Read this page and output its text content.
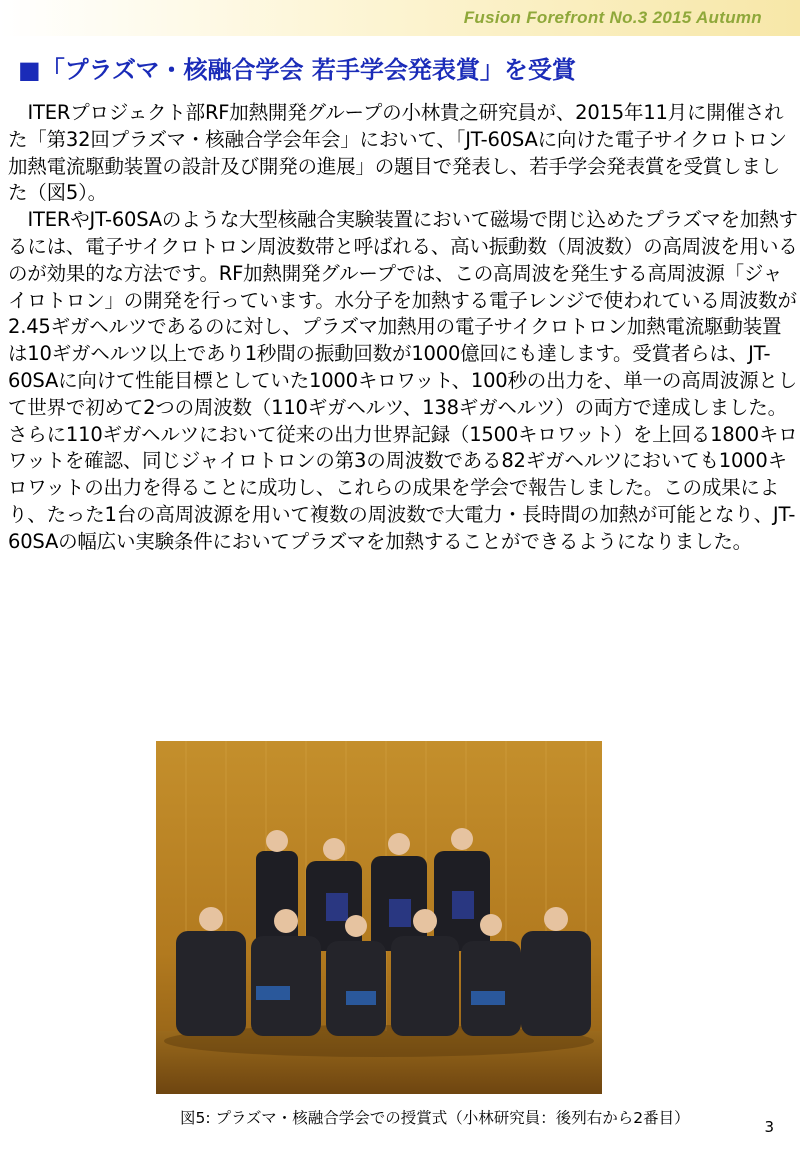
Fusion Forefront No.3 2015 Autumn
■「プラズマ・核融合学会 若手学会発表賞」を受賞

ITERプロジェクト部RF加熱開発グループの小林貴之研究員が、2015年11月に開催された「第32回プラズマ・核融合学会年会」において、「JT-60SAに向けた電子サイクロトロン加熱電流駆動装置の設計及び開発の進展」の題目で発表し、若手学会発表賞を受賞しました（図5）。

ITERやJT-60SAのような大型核融合実験装置において磁場で閉じ込めたプラズマを加熱するには、電子サイクロトロン周波数帯と呼ばれる、高い振動数（周波数）の高周波を用いるのが効果的な方法です。RF加熱開発グループでは、この高周波を発生する高周波源「ジャイロトロン」の開発を行っています。水分子を加熱する電子レンジで使われている周波数が2.45ギガヘルツであるのに対し、プラズマ加熱用の電子サイクロトロン加熱電流駆動装置は10ギガヘルツ以上であり1秒間の振動回数が1000億回にも達します。受賞者らは、JT-60SAに向けて性能目標としていた1000キロワット、100秒の出力を、単一の高周波源として世界で初めて2つの周波数（110ギガヘルツ、138ギガヘルツ）の両方で達成しました。さらに110ギガヘルツにおいて従来の出力世界記録（1500キロワット）を上回る1800キロワットを確認、同じジャイロトロンの第3の周波数である82ギガヘルツにおいても1000キロワットの出力を得ることに成功し、これらの成果を学会で報告しました。この成果により、たった1台の高周波源を用いて複数の周波数で大電力・長時間の加熱が可能となり、JT-60SAの幅広い実験条件においてプラズマを加熱することができるようになりました。

図5: プラズマ・核融合学会での授賞式（小林研究員：後列右から2番目）	3
